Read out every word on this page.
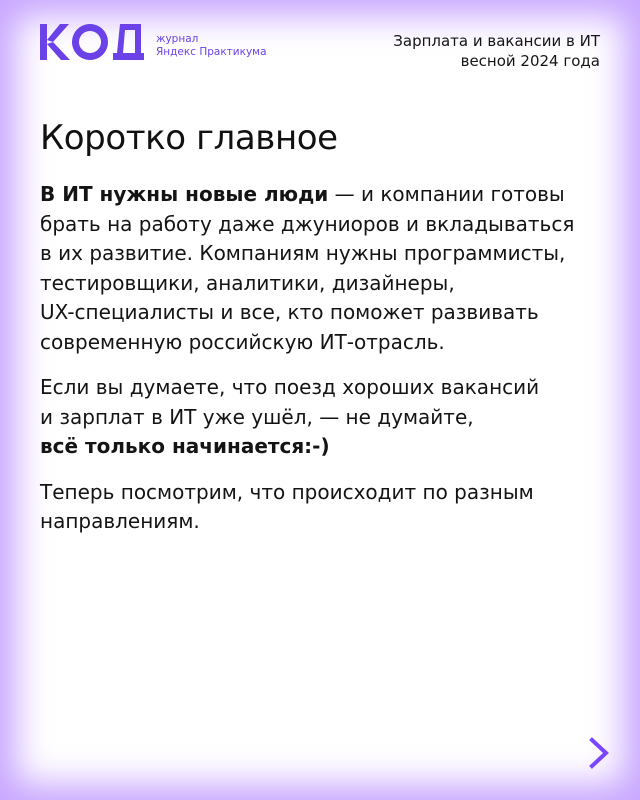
журнал
Яндекс Практикума
Зарплата и вакансии в ИТ
весной 2024 года
Коротко главное

В ИТ нужны новые люди — и компании готовы
брать на работу даже джуниоров и вкладываться
в их развитие. Компаниям нужны программисты,
тестировщики, аналитики, дизайнеры,
UX-специалисты и все, кто поможет развивать
современную российскую ИТ-отрасль.

Если вы думаете, что поезд хороших вакансий
и зарплат в ИТ уже ушёл, — не думайте,
всё только начинается:-)

Теперь посмотрим, что происходит по разным
направлениям.
